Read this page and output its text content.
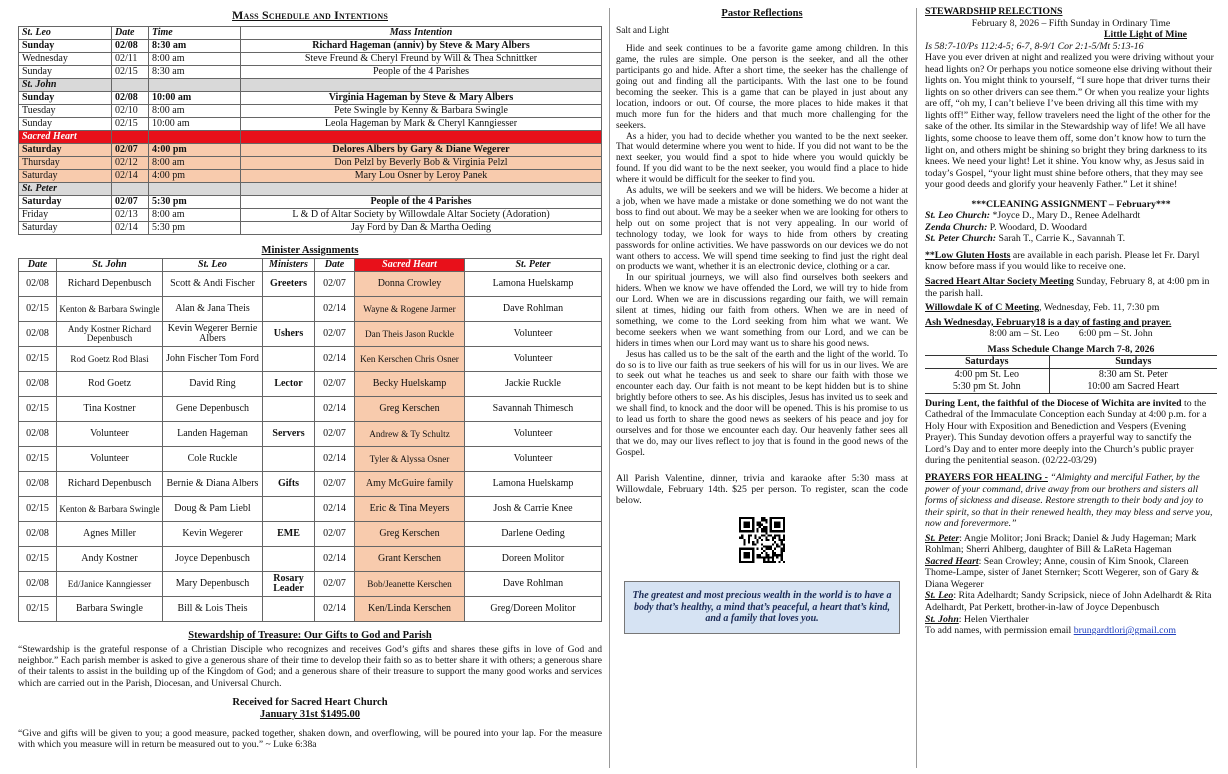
Mass Schedule and Intentions
St. Leo	Date	Time	Mass Intention
Sunday	02/08	8:30 am	Richard Hageman (anniv) by Steve & Mary Albers
Wednesday	02/11	8:00 am	Steve Freund & Cheryl Freund by Will & Thea Schnittker
Sunday	02/15	8:30 am	People of the 4 Parishes
St. John			
Sunday	02/08	10:00 am	Virginia Hageman by Steve & Mary Albers
Tuesday	02/10	8:00 am	Pete Swingle by Kenny & Barbara Swingle
Sunday	02/15	10:00 am	Leola Hageman by Mark & Cheryl Kanngiesser
Sacred Heart			
Saturday	02/07	4:00 pm	Delores Albers by Gary & Diane Wegerer
Thursday	02/12	8:00 am	Don Pelzl by Beverly Bob & Virginia Pelzl
Saturday	02/14	4:00 pm	Mary Lou Osner by Leroy Panek
St. Peter			
Saturday	02/07	5:30 pm	People of the 4 Parishes
Friday	02/13	8:00 am	L & D of Altar Society by Willowdale Altar Society (Adoration)
Saturday	02/14	5:30 pm	Jay Ford by Dan & Martha Oeding
Minister Assignments
Date	St. John	St. Leo	Ministers	Date	Sacred Heart	St. Peter
02/08	Richard Depenbusch	Scott & Andi Fischer	Greeters	02/07	Donna Crowley	Lamona Huelskamp
02/15	Kenton & Barbara Swingle	Alan & Jana Theis		02/14	Wayne & Rogene Jarmer	Dave Rohlman
02/08	Andy Kostner Richard Depenbusch	Kevin Wegerer Bernie Albers	Ushers	02/07	Dan Theis Jason Ruckle	Volunteer
02/15	Rod Goetz Rod Blasi	John Fischer Tom Ford		02/14	Ken Kerschen Chris Osner	Volunteer
02/08	Rod Goetz	David Ring	Lector	02/07	Becky Huelskamp	Jackie Ruckle
02/15	Tina Kostner	Gene Depenbusch		02/14	Greg Kerschen	Savannah Thimesch
02/08	Volunteer	Landen Hageman	Servers	02/07	Andrew & Ty Schultz	Volunteer
02/15	Volunteer	Cole Ruckle		02/14	Tyler & Alyssa Osner	Volunteer
02/08	Richard Depenbusch	Bernie & Diana Albers	Gifts	02/07	Amy McGuire family	Lamona Huelskamp
02/15	Kenton & Barbara Swingle	Doug & Pam Liebl		02/14	Eric & Tina Meyers	Josh & Carrie Knee
02/08	Agnes Miller	Kevin Wegerer	EME	02/07	Greg Kerschen	Darlene Oeding
02/15	Andy Kostner	Joyce Depenbusch		02/14	Grant Kerschen	Doreen Molitor
02/08	Ed/Janice Kanngiesser	Mary Depenbusch	Rosary Leader	02/07	Bob/Jeanette Kerschen	Dave Rohlman
02/15	Barbara Swingle	Bill & Lois Theis		02/14	Ken/Linda Kerschen	Greg/Doreen Molitor
Stewardship of Treasure: Our Gifts to God and Parish

“Stewardship is the grateful response of a Christian Disciple who recognizes and receives God’s gifts and shares these gifts in love of God and neighbor.” Each parish member is asked to give a generous share of their time to develop their faith so as to better share it with others; a generous share of their talents to assist in the building up of the Kingdom of God; and a generous share of their treasure to support the many good works and services which are carried out in the Parish, Diocesan, and Universal Church.

Received for Sacred Heart Church
January 31st $1495.00

“Give and gifts will be given to you; a good measure, packed together, shaken down, and overflowing, will be poured into your lap. For the measure with which you measure will in return be measured out to you.” ~ Luke 6:38a

Pastor Reflections

Salt and Light

Hide and seek continues to be a favorite game among children. In this game, the rules are simple. One person is the seeker, and all the other participants go and hide. After a short time, the seeker has the challenge of going out and finding all the participants. With the last one to be found becoming the seeker. This is a game that can be played in just about any location, indoors or out. Of course, the more places to hide makes it that much more fun for the hiders and that much more challenging for the seekers.

As a hider, you had to decide whether you wanted to be the next seeker. That would determine where you went to hide. If you did not want to be the next seeker, you would find a spot to hide where you would quickly be found. If you did want to be the next seeker, you would find a place to hide where it would be difficult for the seeker to find you.

As adults, we will be seekers and we will be hiders. We become a hider at a job, when we have made a mistake or done something we do not want the boss to find out about. We may be a seeker when we are looking for others to help out on some project that is not very appealing. In our world of technology today, we look for ways to hide from others by creating passwords for online activities. We have passwords on our devices we do not want others to access. We will spend time seeking to find just the right deal on products we want, whether it is an electronic device, clothing or a car.

In our spiritual journeys, we will also find ourselves both seekers and hiders. When we know we have offended the Lord, we will try to hide from our Lord. When we are in discussions regarding our faith, we will remain silent at times, hiding our faith from others. When we are in need of something, we come to the Lord seeking from him what we want. We become seekers when we want something from our Lord, and we can be hiders in times when our Lord may want us to share his good news.

Jesus has called us to be the salt of the earth and the light of the world. To do so is to live our faith as true seekers of his will for us in our lives. We are to seek out what he teaches us and seek to share our faith with those we encounter each day. Our faith is not meant to be kept hidden but is to shine brightly before others to see. As his disciples, Jesus has invited us to seek and we shall find, to knock and the door will be opened. This is his promise to us to lead us forth to share the good news as seekers of his peace and joy for ourselves and for those we encounter each day. Our heavenly father sees all that we do, may our lives reflect to joy that is found in the good news of the Gospel.

All Parish Valentine, dinner, trivia and karaoke after 5:30 mass at Willowdale, February 14th. $25 per person. To register, scan the code below.

The greatest and most precious wealth in the world is to have a body that’s healthy, a mind that’s peaceful, a heart that’s kind, and a family that loves you.
STEWARDSHIP RELECTIONS
February 8, 2026 – Fifth Sunday in Ordinary Time
Little Light of Mine
Is 58:7-10/Ps 112:4-5; 6-7, 8-9/1 Cor 2:1-5/Mt 5:13-16

Have you ever driven at night and realized you were driving without your head lights on? Or perhaps you notice someone else driving without their lights on. You might think to yourself, “I sure hope that driver turns their lights on so other drivers can see them.” Or when you realize your lights are off, “oh my, I can’t believe I’ve been driving all this time with my lights off!” Either way, fellow travelers need the light of the other for the sake of the other. Its similar in the Stewardship way of life! We all have lights, some choose to leave them off, some don’t know how to turn the light on, and others might be shining so bright they bring darkness to its knees. We need your light! Let it shine. You know why, as Jesus said in today’s Gospel, “your light must shine before others, that they may see your good deeds and glorify your heavenly Father.” Let it shine!

***CLEANING ASSIGNMENT – February***
St. Leo Church: *Joyce D., Mary D., Renee Adelhardt
Zenda Church: P. Woodard, D. Woodard
St. Peter Church: Sarah T., Carrie K., Savannah T.

**Low Gluten Hosts are available in each parish. Please let Fr. Daryl know before mass if you would like to receive one.

Sacred Heart Altar Society Meeting Sunday, February 8, at 4:00 pm in the parish hall.

Willowdale K of C Meeting, Wednesday, Feb. 11, 7:30 pm

Ash Wednesday, February18 is a day of fasting and prayer.
8:00 am – St. Leo        6:00 pm – St. John
Mass Schedule Change March 7-8, 2026
Saturdays	Sundays
4:00 pm St. Leo	8:30 am St. Peter
5:30 pm St. John	10:00 am Sacred Heart

During Lent, the faithful of the Diocese of Wichita are invited to the Cathedral of the Immaculate Conception each Sunday at 4:00 p.m. for a Holy Hour with Exposition and Benediction and Vespers (Evening Prayer). This Sunday devotion offers a prayerful way to sanctify the Lord’s Day and to enter more deeply into the Church’s public prayer during the penitential season. (02/22-03/29)

PRAYERS FOR HEALING - “Almighty and merciful Father, by the power of your command, drive away from our brothers and sisters all forms of sickness and disease. Restore strength to their body and joy to their spirit, so that in their renewed health, they may bless and serve you, now and forevermore.”

St. Peter: Angie Molitor; Joni Brack; Daniel & Judy Hageman; Mark Rohlman; Sherri Ahlberg, daughter of Bill & LaReta Hageman
Sacred Heart: Sean Crowley; Anne, cousin of Kim Snook, Clareen Thome-Lampe, sister of Janet Sternker; Scott Wegerer, son of Gary & Diana Wegerer
St. Leo: Rita Adelhardt; Sandy Scripsick, niece of John Adelhardt & Rita Adelhardt, Pat Perkett, brother-in-law of Joyce Depenbusch
St. John: Helen Vierthaler
To add names, with permission email brungardtlori@gmail.com
